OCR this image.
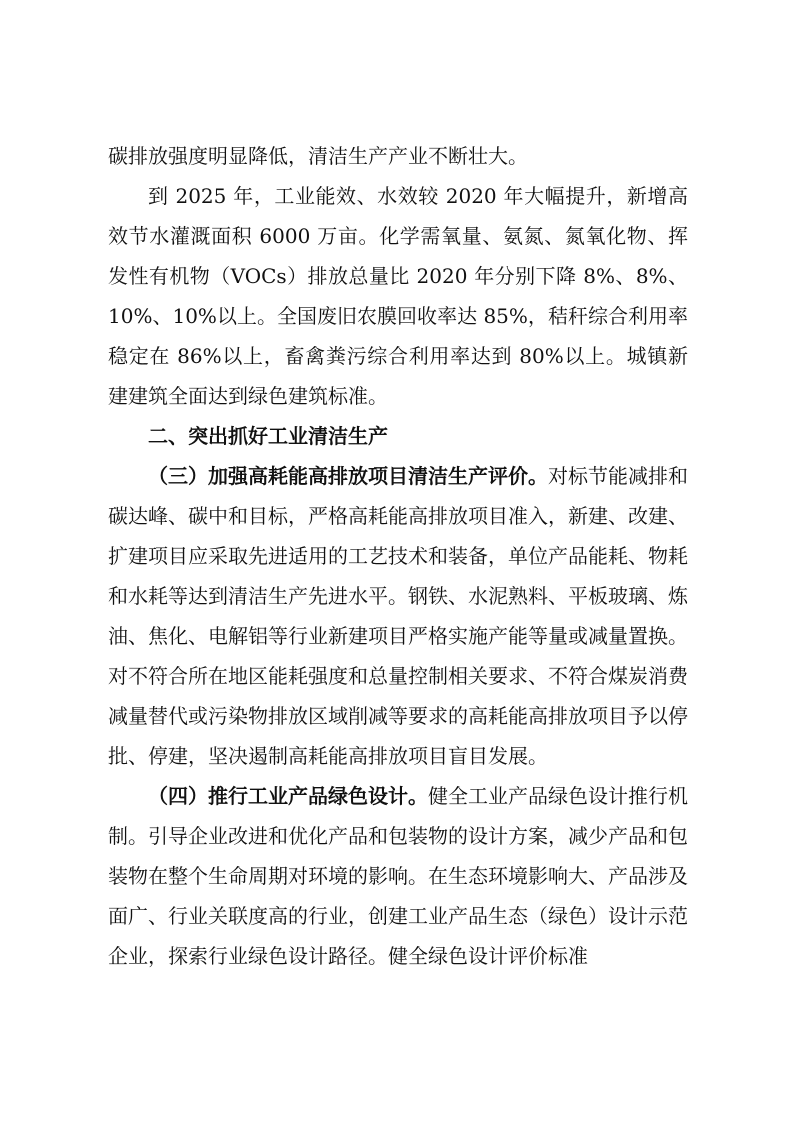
碳排放强度明显降低，清洁生产产业不断壮大。

到 2025 年，工业能效、水效较 2020 年大幅提升，新增高效节水灌溉面积 6000 万亩。化学需氧量、氨氮、氮氧化物、挥发性有机物（VOCs）排放总量比 2020 年分别下降 8%、8%、10%、10%以上。全国废旧农膜回收率达 85%，秸秆综合利用率稳定在 86%以上，畜禽粪污综合利用率达到 80%以上。城镇新建建筑全面达到绿色建筑标准。

二、突出抓好工业清洁生产

（三）加强高耗能高排放项目清洁生产评价。对标节能减排和碳达峰、碳中和目标，严格高耗能高排放项目准入，新建、改建、扩建项目应采取先进适用的工艺技术和装备，单位产品能耗、物耗和水耗等达到清洁生产先进水平。钢铁、水泥熟料、平板玻璃、炼油、焦化、电解铝等行业新建项目严格实施产能等量或减量置换。对不符合所在地区能耗强度和总量控制相关要求、不符合煤炭消费减量替代或污染物排放区域削减等要求的高耗能高排放项目予以停批、停建，坚决遏制高耗能高排放项目盲目发展。

（四）推行工业产品绿色设计。健全工业产品绿色设计推行机制。引导企业改进和优化产品和包装物的设计方案，减少产品和包装物在整个生命周期对环境的影响。在生态环境影响大、产品涉及面广、行业关联度高的行业，创建工业产品生态（绿色）设计示范企业，探索行业绿色设计路径。健全绿色设计评价标准
